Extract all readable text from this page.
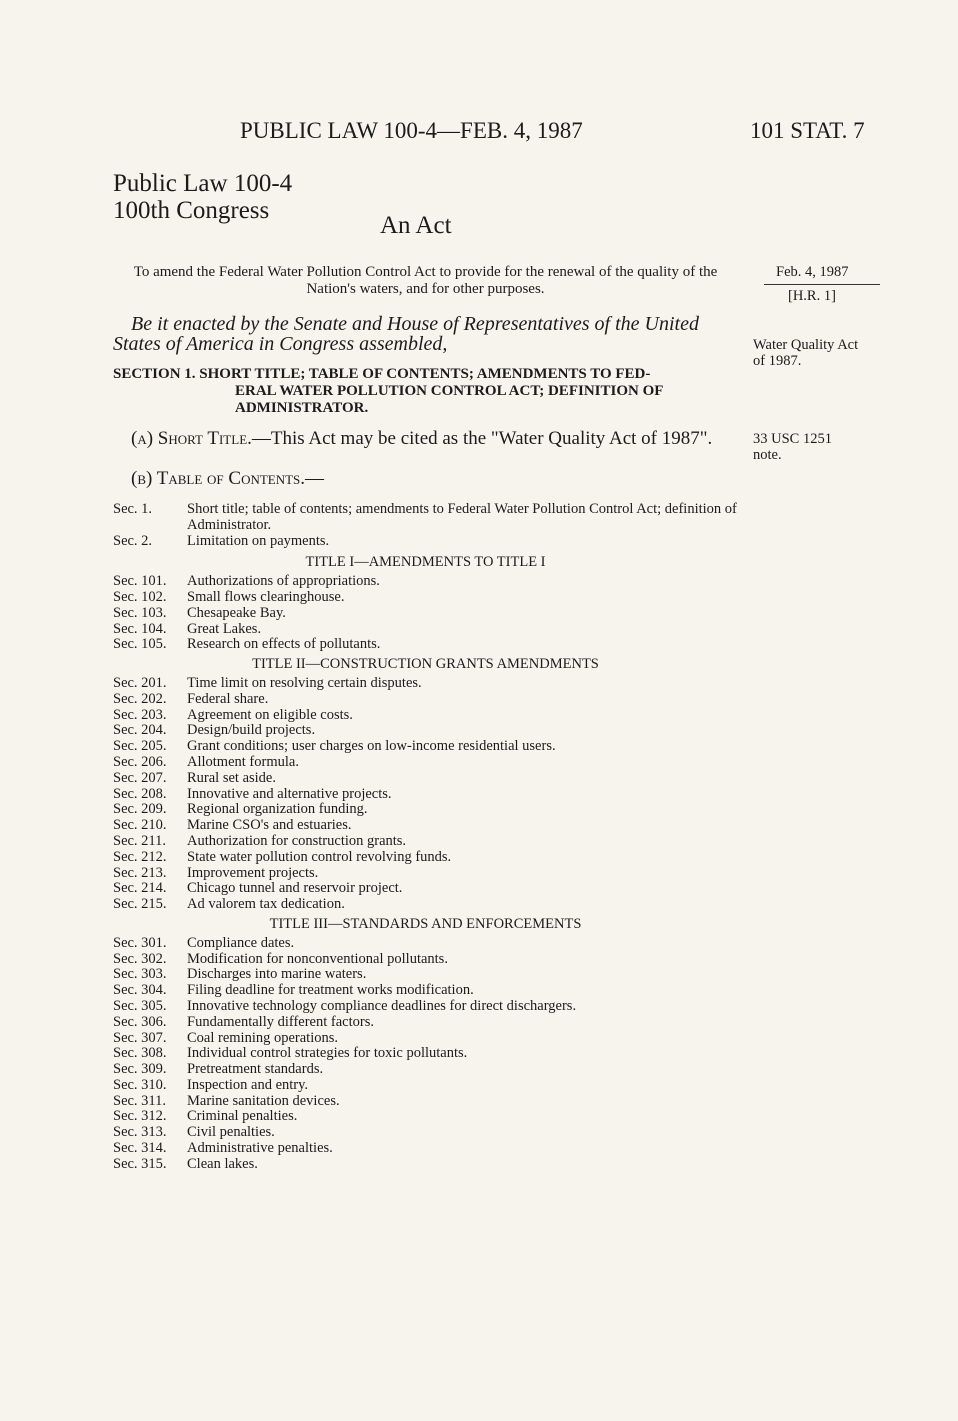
PUBLIC LAW 100-4—FEB. 4, 1987	101 STAT. 7
Public Law 100-4
100th Congress
An Act
To amend the Federal Water Pollution Control Act to provide for the renewal of the quality of the Nation's waters, and for other purposes.
Feb. 4, 1987
[H.R. 1]
Water Quality Act of 1987.
33 USC 1251 note.
Be it enacted by the Senate and House of Representatives of the United States of America in Congress assembled,
SECTION 1. SHORT TITLE; TABLE OF CONTENTS; AMENDMENTS TO FED-
ERAL WATER POLLUTION CONTROL ACT; DEFINITION OF ADMINISTRATOR.
(a) Short Title.—This Act may be cited as the "Water Quality Act of 1987".
(b) Table of Contents.—
Sec. 1.	Short title; table of contents; amendments to Federal Water Pollution Control Act; definition of Administrator.
Sec. 2.	Limitation on payments.
TITLE I—AMENDMENTS TO TITLE I
Sec. 101.	Authorizations of appropriations.
Sec. 102.	Small flows clearinghouse.
Sec. 103.	Chesapeake Bay.
Sec. 104.	Great Lakes.
Sec. 105.	Research on effects of pollutants.
TITLE II—CONSTRUCTION GRANTS AMENDMENTS
Sec. 201.	Time limit on resolving certain disputes.
Sec. 202.	Federal share.
Sec. 203.	Agreement on eligible costs.
Sec. 204.	Design/build projects.
Sec. 205.	Grant conditions; user charges on low-income residential users.
Sec. 206.	Allotment formula.
Sec. 207.	Rural set aside.
Sec. 208.	Innovative and alternative projects.
Sec. 209.	Regional organization funding.
Sec. 210.	Marine CSO's and estuaries.
Sec. 211.	Authorization for construction grants.
Sec. 212.	State water pollution control revolving funds.
Sec. 213.	Improvement projects.
Sec. 214.	Chicago tunnel and reservoir project.
Sec. 215.	Ad valorem tax dedication.
TITLE III—STANDARDS AND ENFORCEMENTS
Sec. 301.	Compliance dates.
Sec. 302.	Modification for nonconventional pollutants.
Sec. 303.	Discharges into marine waters.
Sec. 304.	Filing deadline for treatment works modification.
Sec. 305.	Innovative technology compliance deadlines for direct dischargers.
Sec. 306.	Fundamentally different factors.
Sec. 307.	Coal remining operations.
Sec. 308.	Individual control strategies for toxic pollutants.
Sec. 309.	Pretreatment standards.
Sec. 310.	Inspection and entry.
Sec. 311.	Marine sanitation devices.
Sec. 312.	Criminal penalties.
Sec. 313.	Civil penalties.
Sec. 314.	Administrative penalties.
Sec. 315.	Clean lakes.
